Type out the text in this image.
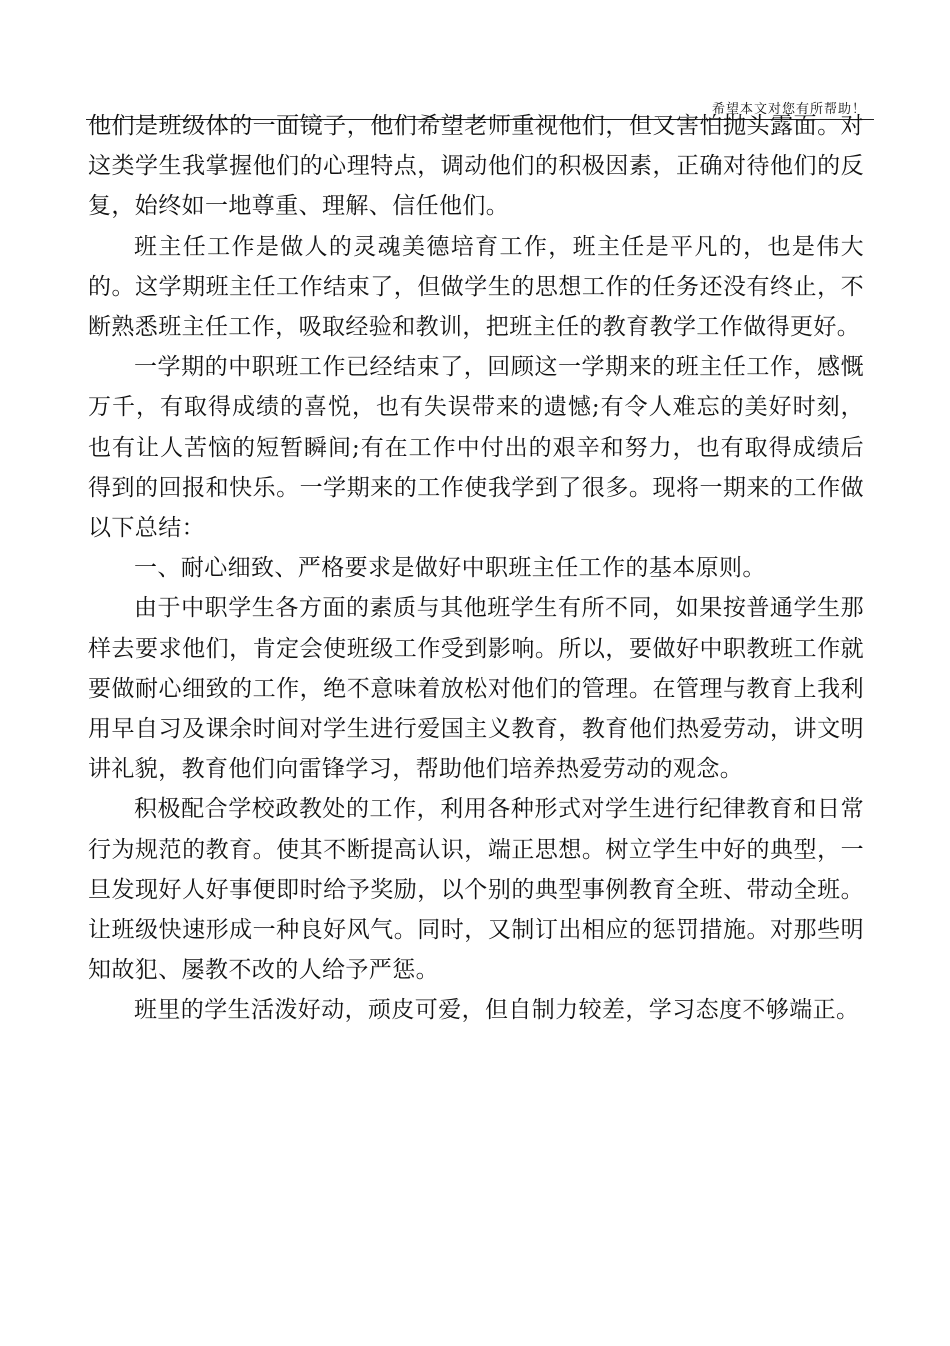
希望本文对您有所帮助！

他们是班级体的一面镜子，他们希望老师重视他们，但又害怕抛头露面。对这类学生我掌握他们的心理特点，调动他们的积极因素，正确对待他们的反复，始终如一地尊重、理解、信任他们。

班主任工作是做人的灵魂美德培育工作，班主任是平凡的，也是伟大的。这学期班主任工作结束了，但做学生的思想工作的任务还没有终止，不断熟悉班主任工作，吸取经验和教训，把班主任的教育教学工作做得更好。

一学期的中职班工作已经结束了，回顾这一学期来的班主任工作，感慨万千，有取得成绩的喜悦，也有失误带来的遗憾;有令人难忘的美好时刻，也有让人苦恼的短暂瞬间;有在工作中付出的艰辛和努力，也有取得成绩后得到的回报和快乐。一学期来的工作使我学到了很多。现将一期来的工作做以下总结：

一、耐心细致、严格要求是做好中职班主任工作的基本原则。

由于中职学生各方面的素质与其他班学生有所不同，如果按普通学生那样去要求他们，肯定会使班级工作受到影响。所以，要做好中职教班工作就要做耐心细致的工作，绝不意味着放松对他们的管理。在管理与教育上我利用早自习及课余时间对学生进行爱国主义教育，教育他们热爱劳动，讲文明讲礼貌，教育他们向雷锋学习，帮助他们培养热爱劳动的观念。

积极配合学校政教处的工作，利用各种形式对学生进行纪律教育和日常行为规范的教育。使其不断提高认识，端正思想。树立学生中好的典型，一旦发现好人好事便即时给予奖励，以个别的典型事例教育全班、带动全班。让班级快速形成一种良好风气。同时，又制订出相应的惩罚措施。对那些明知故犯、屡教不改的人给予严惩。

班里的学生活泼好动，顽皮可爱，但自制力较差，学习态度不够端正。
